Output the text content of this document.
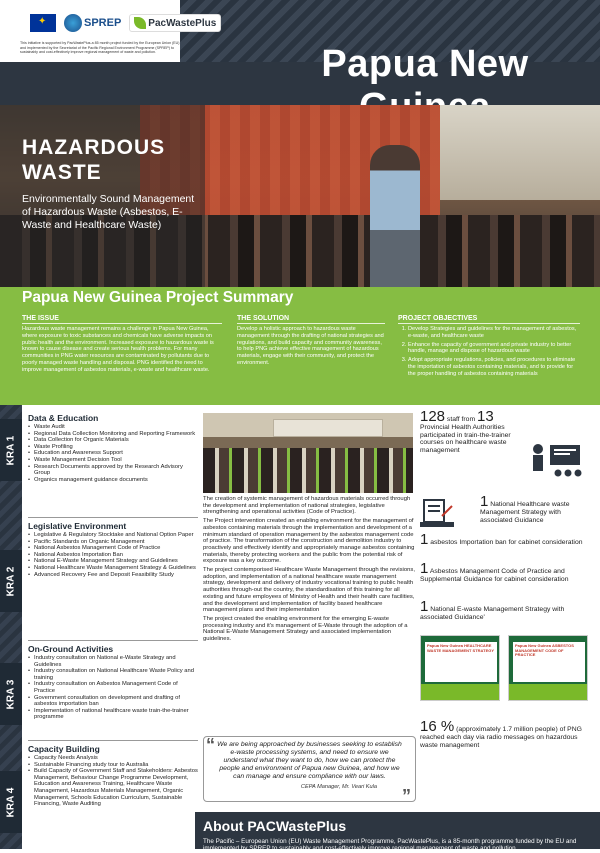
✦
SPREP	PacWastePlus
This initiative is supported by PacWastePlus-a 85 month project funded by the European Union (EU) and implemented by the Secretariat of the Pacific Regional Environment Programme (SPREP) to sustainably and cost-effectively improve regional management of waste and pollution.	Papua New
HAZARDOUS
WASTE
Environmentally Sound Management of Hazardous Waste (Asbestos, E-Waste and Healthcare Waste)
Papua New Guinea Project Summary
THE ISSUE

Hazardous waste management remains a challenge in Papua New Guinea, where exposure to toxic substances and chemicals have adverse impacts on public health and the environment. Increased exposure to hazardous waste is known to cause disease and create serious health problems. For many communities in PNG water resources are contaminated by pollutants due to poorly managed waste handling and disposal. PNG identified the need to improve management of asbestos materials, e-waste and healthcare waste.

THE SOLUTION

Develop a holistic approach to hazardous waste management through the drafting of national strategies and regulations, and build capacity and community awareness, to help PNG achieve effective management of hazardous materials, engage with their community, and protect the environment.

PROJECT OBJECTIVES
1. Develop Strategies and guidelines for the management of asbestos, e-waste, and healthcare waste
2. Enhance the capacity of government and private industry to better handle, manage and dispose of hazardous waste
3. Adopt appropriate regulations, policies, and procedures to eliminate the importation of asbestos containing materials, and to provide for the proper handling of asbestos containing materials
KRA 1
KRA 2
KRA 3
KRA 4
Data & Education
• Waste Audit
• Regional Data Collection Monitoring and Reporting Framework
• Data Collection for Organic Materials
• Waste Profiling
• Education and Awareness Support
• Waste Management Decision Tool
• Research Documents approved by the Research Advisory Group
• Organics management guidance documents
Legislative Environment
• Legislative & Regulatory Stocktake and National Option Paper
• Pacific Standards on Organic Management
• National Asbestos Management Code of Practice
• National Asbestos Importation Ban
• National E-Waste Management Strategy and Guidelines
• National Healthcare Waste Management Strategy & Guidelines
• Advanced Recovery Fee and Deposit Feasibility Study
On-Ground Activities
• Industry consultation on National e-Waste Strategy and Guidelines
• Industry consultation on National Healthcare Waste Policy and training
• Industry consultation on Asbestos Management Code of Practice
• Government consultation on development and drafting of asbestos importation ban
• Implementation of national healthcare waste train-the-trainer programme
Capacity Building
• Capacity Needs Analysis
• Sustainable Financing study tour to Australia
• Build Capacity of Government Staff and Stakeholders: Asbestos Management, Behaviour Change Programme Development, Education and Awareness Training, Healthcare Waste Management, Hazardous Materials Management, Organic Management, Schools Education Curriculum, Sustainable Financing, Waste Auditing

The creation of systemic management of hazardous materials occurred through the development and implementation of national strategies, legislative strengthening and operational activities (Code of Practice).

The Project intervention created an enabling environment for the management of asbestos containing materials through the implementation and development of a minimum standard of operation management by the asbestos management code of practice. The transformation of the construction and demolition industry to proactively and effectively identify and appropriately manage asbestos containing materials, thereby protecting workers and the public from the potential risk of exposure was a key outcome.

The project contemporised Healthcare Waste Management through the revisions, adoption, and implementation of a national healthcare waste management strategy, development and delivery of industry vocational training to public health authorities through-out the country, the standardisation of this training for all existing and future employees of Ministry of Health and their health care facilities, and the development and implementation of facility based healthcare management plans and their implementation

The project created the enabling environment for the emerging E-waste processing industry and it's management of E-Waste through the adoption of a National E-Waste Management Strategy and associated implementation guidelines.

“ We are being approached by businesses seeking to establish e-waste processing systems, and need to ensure we understand what they want to do, how we can protect the people and environment of Papua new Guinea, and how we can manage and ensure compliance with our laws.
CEPA Manager, Mr. Veari Kula ”
128 staff from 13
Provincial Health Authorities participated in train-the-trainer courses on healthcare waste management
1 National Healthcare waste Management Strategy with associated Guidance
1 asbestos Importation ban for cabinet consideration
1 Asbestos Management Code of Practice and Supplemental Guidance for cabinet consideration
1 National E-waste Management Strategy with associated Guidance'
Papua New Guinea HEALTHCARE WASTE MANAGEMENT STRATEGY
Papua New Guinea ASBESTOS MANAGEMENT CODE OF PRACTICE
16 % (approximately 1.7 million people) of PNG reached each day via radio messages on hazardous waste management
About PACWastePlus
The Pacific – European Union (EU) Waste Management Programme, PacWastePlus, is a 85-month programme funded by the EU and implemented by SPREP to sustainably and cost-effectively improve regional management of waste and pollution.
